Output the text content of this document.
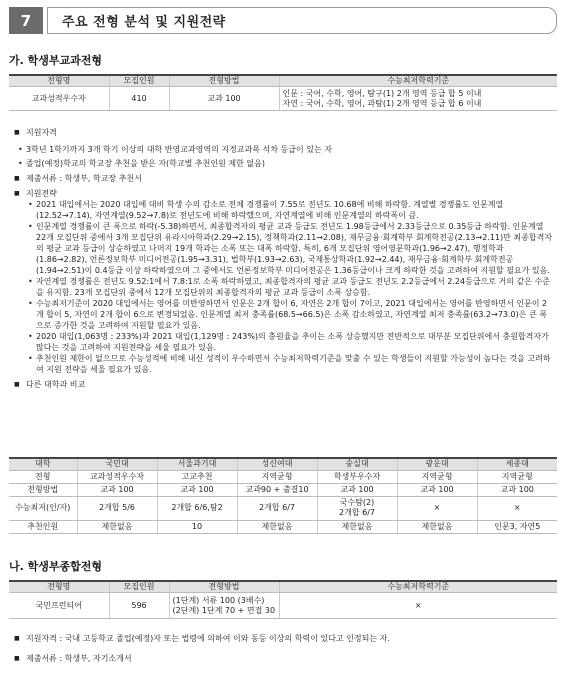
7	주요 전형 분석 및 지원전략
가. 학생부교과전형
전형명	모집인원	전형방법	수능최저학력기준
교과성적우수자	410	교과 100	인문 : 국어, 수학, 영어, 탐구(1) 2개 영역 등급 합 5 이내
자연 : 국어, 수학, 영어, 과탐(1) 2개 영역 등급 합 6 이내
■ 지원자격
• 3학년 1학기까지 3개 학기 이상의 대학 반영교과영역의 지정교과목 석차 등급이 있는 자
• 졸업(예정)학교의 학교장 추천을 받은 자(학교별 추천인원 제한 없음)
■ 제출서류 : 학생부, 학교장 추천서
■ 지원전략
• 2021 대입에서는 2020 대입에 대비 학생 수의 감소로 전체 경쟁률이 7.55로 전년도 10.68에 비해 하락함. 계열별 경쟁률도 인문계열(12.52→7.14), 자연계열(9.52→7.8)로 전년도에 비해 하락했으며, 자연계열에 비해 인문계열의 하락폭이 큼.
• 인문계열 경쟁률이 큰 폭으로 하락(-5.38)하면서, 최종합격자의 평균 교과 등급도 전년도 1.98등급에서 2.33등급으로 0.35등급 하락함. 인문계열 22개 모집단위 중에서 3개 모집단위 유라시아학과(2.29→2.15), 정책학과(2.11→2.08), 재무금융·회계학부 회계학전공(2.13→2.11)만 최종합격자의 평균 교과 등급이 상승하였고 나머지 19개 학과는 소폭 또는 대폭 하락함. 특히, 6개 모집단위 영어영문학과(1.96→2.47), 행정학과(1.86→2.82), 언론정보학부 미디어전공(1.95→3.31), 법학부(1.93→2.63), 국제통상학과(1.92→2.44), 재무금융·회계학부 회계학전공(1.94→2.51)이 0.4등급 이상 하락하였으며 그 중에서도 언론정보학부 미디어전공은 1.36등급이나 크게 하락한 것을 고려하여 지원할 필요가 있음.
• 자연계열 경쟁률은 전년도 9.52:1에서 7.8:1로 소폭 하락하였고, 최종합격자의 평균 교과 등급도 전년도 2.2등급에서 2.24등급으로 거의 같은 수준을 유지함. 23개 모집단위 중에서 12개 모집단위의 최종합격자의 평균 교과 등급이 소폭 상승함.
• 수능최저기준이 2020 대입에서는 영어를 미반영하면서 인문은 2개 합이 6, 자연은 2개 합이 7이고, 2021 대입에서는 영어를 반영하면서 인문이 2개 합이 5, 자연이 2개 합이 6으로 변경되었음. 인문계열 최저 충족률(68.5→66.5)은 소폭 감소하였고, 자연계열 최저 충족률(63.2→73.0)은 큰 폭으로 증가한 것을 고려하여 지원할 필요가 있음.
• 2020 대입(1,063명 : 233%)과 2021 대입(1,129명 : 243%)의 충원율을 추이는 소폭 상승했지만 전반적으로 대부분 모집단위에서 충원합격자가 많다는 것을 고려하여 지원전략을 세울 필요가 있음.
• 추천인원 제한이 없으므로 수능성적에 비해 내신 성적이 우수하면서 수능최저학력기준을 맞출 수 있는 학생들이 지원할 가능성이 높다는 것을 고려하여 지원 전략을 세울 필요가 있음.
■ 다른 대학과 비교
대학	국민대	서울과기대	성신여대	숭실대	광운대	세종대
전형	교과성적우수자	고교추천	지역균형	학생부우수자	지역균형	지역균형
전형방법	교과 100	교과 100	교과90 + 출결10	교과 100	교과 100	교과 100
수능최저(인/자)	2개합 5/6	2개합 6/6,탐2	2개합 6/7	국수탐(2)
2개합 6/7	×	×
추천인원	제한없음	10	제한없음	제한없음	제한없음	인문3, 자연5
나. 학생부종합전형
전형명	모집인원	전형방법	수능최저학력기준
국민프런티어	596	(1단계) 서류 100 (3배수)
(2단계) 1단계 70 + 면접 30	×
■ 지원자격 : 국내 고등학교 졸업(예정)자 또는 법령에 의하여 이와 동등 이상의 학력이 있다고 인정되는 자.
■ 제출서류 : 학생부, 자기소개서
